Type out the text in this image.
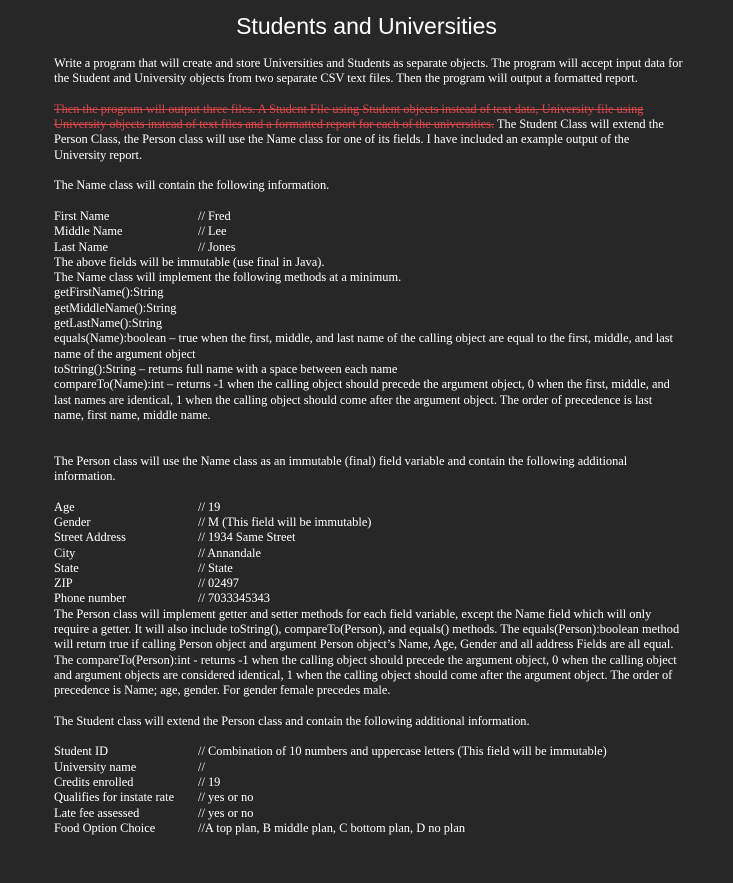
Students and Universities

Write a program that will create and store Universities and Students as separate objects. The program will accept input data for the Student and University objects from two separate CSV text files. Then the program will output a formatted report.

Then the program will output three files. A Student File using Student objects instead of text data, University file using University objects instead of text files and a formatted report for each of the universities. The Student Class will extend the Person Class, the Person class will use the Name class for one of its fields. I have included an example output of the University report.

The Name class will contain the following information.

First Name	// Fred
Middle Name	// Lee
Last Name	// Jones

The above fields will be immutable (use final in Java).

The Name class will implement the following methods at a minimum.

getFirstName():String

getMiddleName():String

getLastName():String

equals(Name):boolean – true when the first, middle, and last name of the calling object are equal to the first, middle, and last name of the argument object

toString():String – returns full name with a space between each name

compareTo(Name):int – returns -1 when the calling object should precede the argument object, 0 when the first, middle, and last names are identical, 1 when the calling object should come after the argument object. The order of precedence is last name, first name, middle name.

The Person class will use the Name class as an immutable (final) field variable and contain the following additional information.

Age	// 19
Gender	// M (This field will be immutable)
Street Address	// 1934 Same Street
City	// Annandale
State	// State
ZIP	// 02497
Phone number	// 7033345343

The Person class will implement getter and setter methods for each field variable, except the Name field which will only require a getter. It will also include toString(), compareTo(Person), and equals() methods. The equals(Person):boolean method will return true if calling Person object and argument Person object’s Name, Age, Gender and all address Fields are all equal. The compareTo(Person):int - returns -1 when the calling object should precede the argument object, 0 when the calling object and argument objects are considered identical, 1 when the calling object should come after the argument object. The order of precedence is Name; age, gender. For gender female precedes male.

The Student class will extend the Person class and contain the following additional information.

Student ID	// Combination of 10 numbers and uppercase letters (This field will be immutable)
University name	//
Credits enrolled	// 19
Qualifies for instate rate	// yes or no
Late fee assessed	// yes or no
Food Option Choice	//A top plan, B middle plan, C bottom plan, D no plan
